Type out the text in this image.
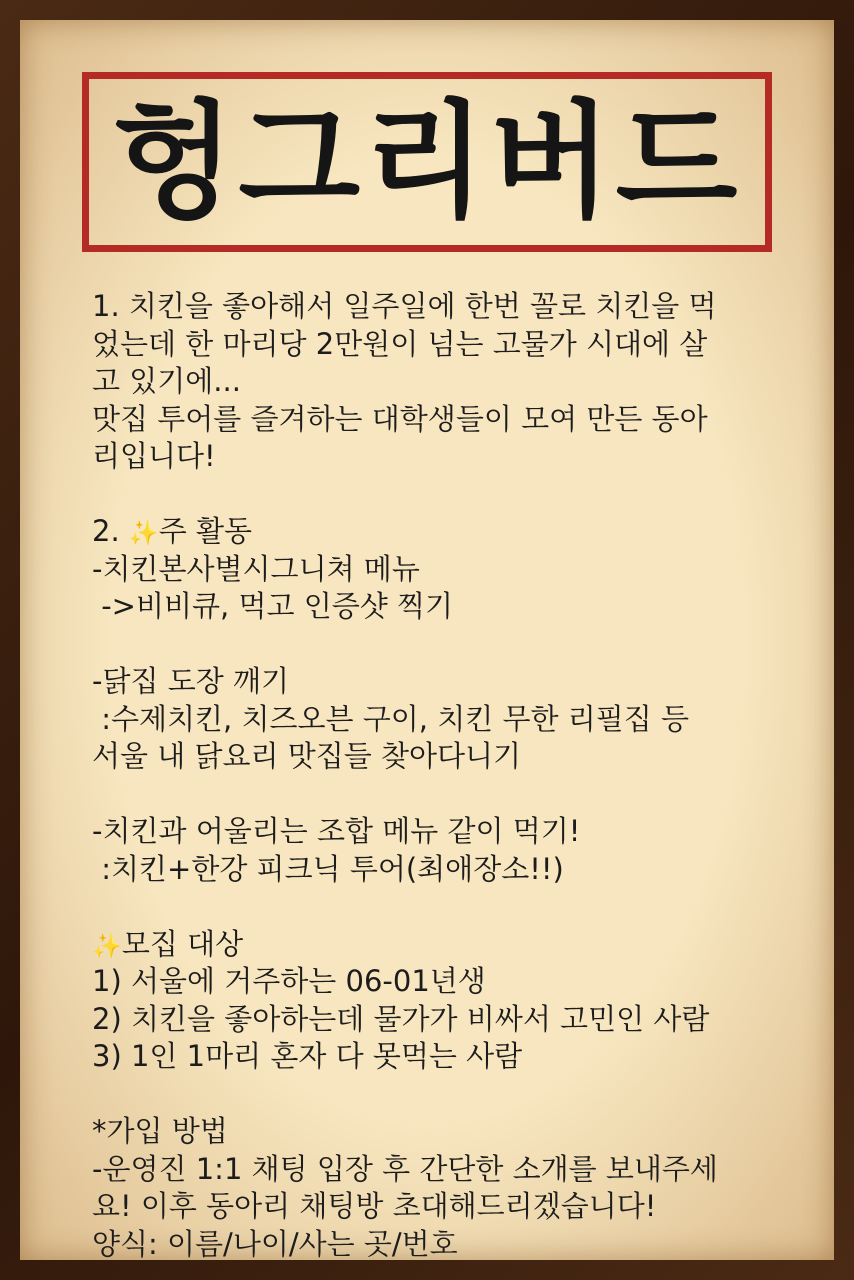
헝그리버드
1. 치킨을 좋아해서 일주일에 한번 꼴로 치킨을 먹
었는데 한 마리당 2만원이 넘는 고물가 시대에 살
고 있기에...
맛집 투어를 즐겨하는 대학생들이 모여 만든 동아
리입니다!
2. ✨주 활동
-치킨본사별시그니쳐 메뉴
->비비큐, 먹고 인증샷 찍기
-닭집 도장 깨기
:수제치킨, 치즈오븐 구이, 치킨 무한 리필집 등
서울 내 닭요리 맛집들 찾아다니기
-치킨과 어울리는 조합 메뉴 같이 먹기!
:치킨+한강 피크닉 투어(최애장소!!)
✨모집 대상
1) 서울에 거주하는 06-01년생
2) 치킨을 좋아하는데 물가가 비싸서 고민인 사람
3) 1인 1마리 혼자 다 못먹는 사람
*가입 방법
-운영진 1:1 채팅 입장 후 간단한 소개를 보내주세
요! 이후 동아리 채팅방 초대해드리겠습니다!
양식: 이름/나이/사는 곳/번호
